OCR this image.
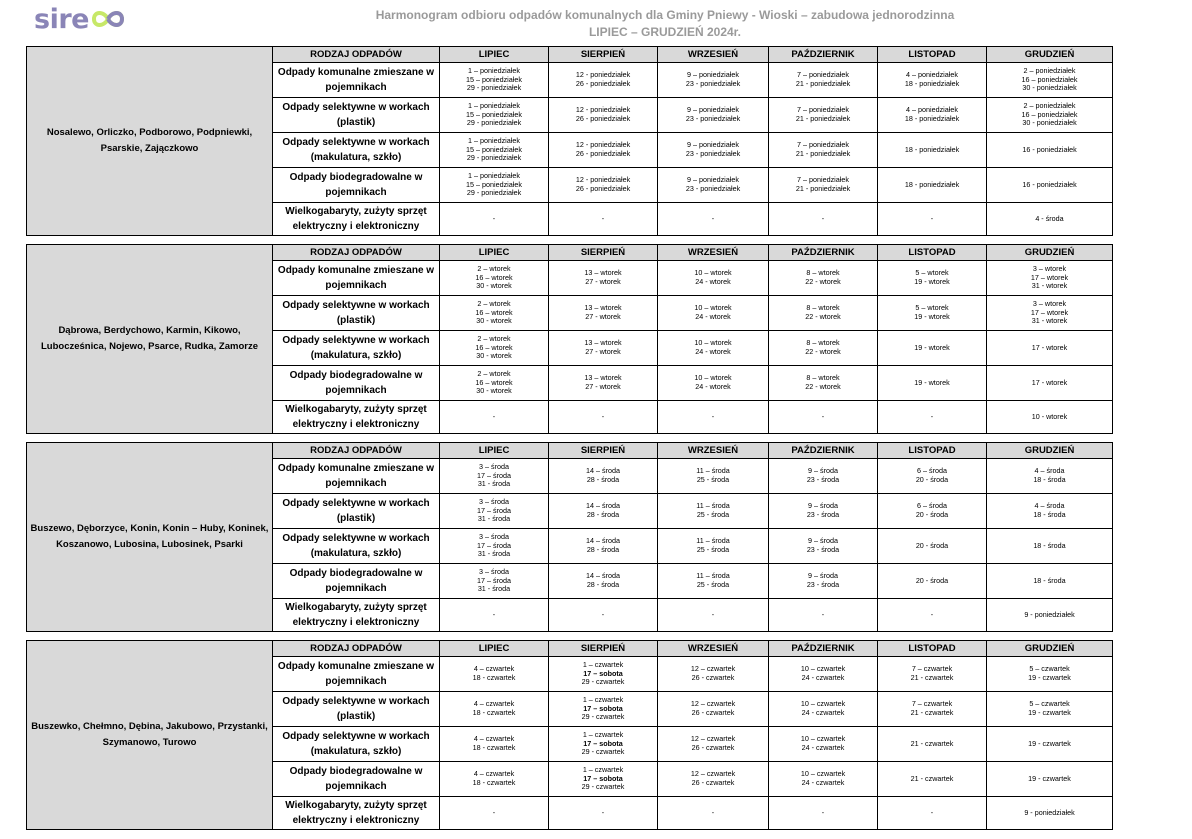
sire	Harmonogram odbioru odpadów komunalnych dla Gminy Pniewy - Wioski – zabudowa jednorodzinna
LIPIEC – GRUDZIEŃ 2024r.
Nosalewo, Orliczko, Podborowo, Podpniewki, Psarskie, Zajączkowo	RODZAJ ODPADÓW	LIPIEC	SIERPIEŃ	WRZESIEŃ	PAŹDZIERNIK	LISTOPAD	GRUDZIEŃ
	Odpady komunalne zmieszane w pojemnikach	1 – poniedziałek
15 – poniedziałek
29 - poniedziałek	12 - poniedziałek
26 - poniedziałek	9 – poniedziałek
23 - poniedziałek	7 – poniedziałek
21 - poniedziałek	4 – poniedziałek
18 - poniedziałek	2 – poniedziałek
16 – poniedziałek
30 - poniedziałek

	Odpady selektywne w workach (plastik)	1 – poniedziałek
15 – poniedziałek
29 - poniedziałek	12 - poniedziałek
26 - poniedziałek	9 – poniedziałek
23 - poniedziałek	7 – poniedziałek
21 - poniedziałek	4 – poniedziałek
18 - poniedziałek	2 – poniedziałek
16 – poniedziałek
30 - poniedziałek

	Odpady selektywne w workach (makulatura, szkło)	1 – poniedziałek
15 – poniedziałek
29 - poniedziałek	12 - poniedziałek
26 - poniedziałek	9 – poniedziałek
23 - poniedziałek	7 – poniedziałek
21 - poniedziałek	18 - poniedziałek	16 - poniedziałek

	Odpady biodegradowalne w pojemnikach	1 – poniedziałek
15 – poniedziałek
29 - poniedziałek	12 - poniedziałek
26 - poniedziałek	9 – poniedziałek
23 - poniedziałek	7 – poniedziałek
21 - poniedziałek	18 - poniedziałek	16 - poniedziałek

	Wielkogabaryty, zużyty sprzęt elektryczny i elektroniczny	-	-	-	-	-	4 - środa
Dąbrowa, Berdychowo, Karmin, Kikowo, Lubocześnica, Nojewo, Psarce, Rudka, Zamorze	RODZAJ ODPADÓW	LIPIEC	SIERPIEŃ	WRZESIEŃ	PAŹDZIERNIK	LISTOPAD	GRUDZIEŃ
	Odpady komunalne zmieszane w pojemnikach	2 – wtorek
16 – wtorek
30 - wtorek	13 – wtorek
27 - wtorek	10 – wtorek
24 - wtorek	8 – wtorek
22 - wtorek	5 – wtorek
19 - wtorek	3 – wtorek
17 – wtorek
31 - wtorek

	Odpady selektywne w workach (plastik)	2 – wtorek
16 – wtorek
30 - wtorek	13 – wtorek
27 - wtorek	10 – wtorek
24 - wtorek	8 – wtorek
22 - wtorek	5 – wtorek
19 - wtorek	3 – wtorek
17 – wtorek
31 - wtorek

	Odpady selektywne w workach (makulatura, szkło)	2 – wtorek
16 – wtorek
30 - wtorek	13 – wtorek
27 - wtorek	10 – wtorek
24 - wtorek	8 – wtorek
22 - wtorek	19 - wtorek	17 - wtorek

	Odpady biodegradowalne w pojemnikach	2 – wtorek
16 – wtorek
30 - wtorek	13 – wtorek
27 - wtorek	10 – wtorek
24 - wtorek	8 – wtorek
22 - wtorek	19 - wtorek	17 - wtorek

	Wielkogabaryty, zużyty sprzęt elektryczny i elektroniczny	-	-	-	-	-	10 - wtorek
Buszewo, Dęborzyce, Konin, Konin – Huby, Koninek, Koszanowo, Lubosina, Lubosinek, Psarki	RODZAJ ODPADÓW	LIPIEC	SIERPIEŃ	WRZESIEŃ	PAŹDZIERNIK	LISTOPAD	GRUDZIEŃ
	Odpady komunalne zmieszane w pojemnikach	3 – środa
17 – środa
31 - środa	14 – środa
28 - środa	11 – środa
25 - środa	9 – środa
23 - środa	6 – środa
20 - środa	4 – środa
18 - środa

	Odpady selektywne w workach (plastik)	3 – środa
17 – środa
31 - środa	14 – środa
28 - środa	11 – środa
25 - środa	9 – środa
23 - środa	6 – środa
20 - środa	4 – środa
18 - środa

	Odpady selektywne w workach (makulatura, szkło)	3 – środa
17 – środa
31 - środa	14 – środa
28 - środa	11 – środa
25 - środa	9 – środa
23 - środa	20 - środa	18 - środa

	Odpady biodegradowalne w pojemnikach	3 – środa
17 – środa
31 - środa	14 – środa
28 - środa	11 – środa
25 - środa	9 – środa
23 - środa	20 - środa	18 - środa

	Wielkogabaryty, zużyty sprzęt elektryczny i elektroniczny	-	-	-	-	-	9 - poniedziałek
Buszewko, Chełmno, Dębina, Jakubowo, Przystanki, Szymanowo, Turowo	RODZAJ ODPADÓW	LIPIEC	SIERPIEŃ	WRZESIEŃ	PAŹDZIERNIK	LISTOPAD	GRUDZIEŃ
	Odpady komunalne zmieszane w pojemnikach	4 – czwartek
18 - czwartek	1 – czwartek
17 – sobota
29 - czwartek	12 – czwartek
26 - czwartek	10 – czwartek
24 - czwartek	7 – czwartek
21 - czwartek	5 – czwartek
19 - czwartek

	Odpady selektywne w workach (plastik)	4 – czwartek
18 - czwartek	1 – czwartek
17 – sobota
29 - czwartek	12 – czwartek
26 - czwartek	10 – czwartek
24 - czwartek	7 – czwartek
21 - czwartek	5 – czwartek
19 - czwartek

	Odpady selektywne w workach (makulatura, szkło)	4 – czwartek
18 - czwartek	1 – czwartek
17 – sobota
29 - czwartek	12 – czwartek
26 - czwartek	10 – czwartek
24 - czwartek	21 - czwartek	19 - czwartek

	Odpady biodegradowalne w pojemnikach	4 – czwartek
18 - czwartek	1 – czwartek
17 – sobota
29 - czwartek	12 – czwartek
26 - czwartek	10 – czwartek
24 - czwartek	21 - czwartek	19 - czwartek

	Wielkogabaryty, zużyty sprzęt elektryczny i elektroniczny	-	-	-	-	-	9 - poniedziałek
